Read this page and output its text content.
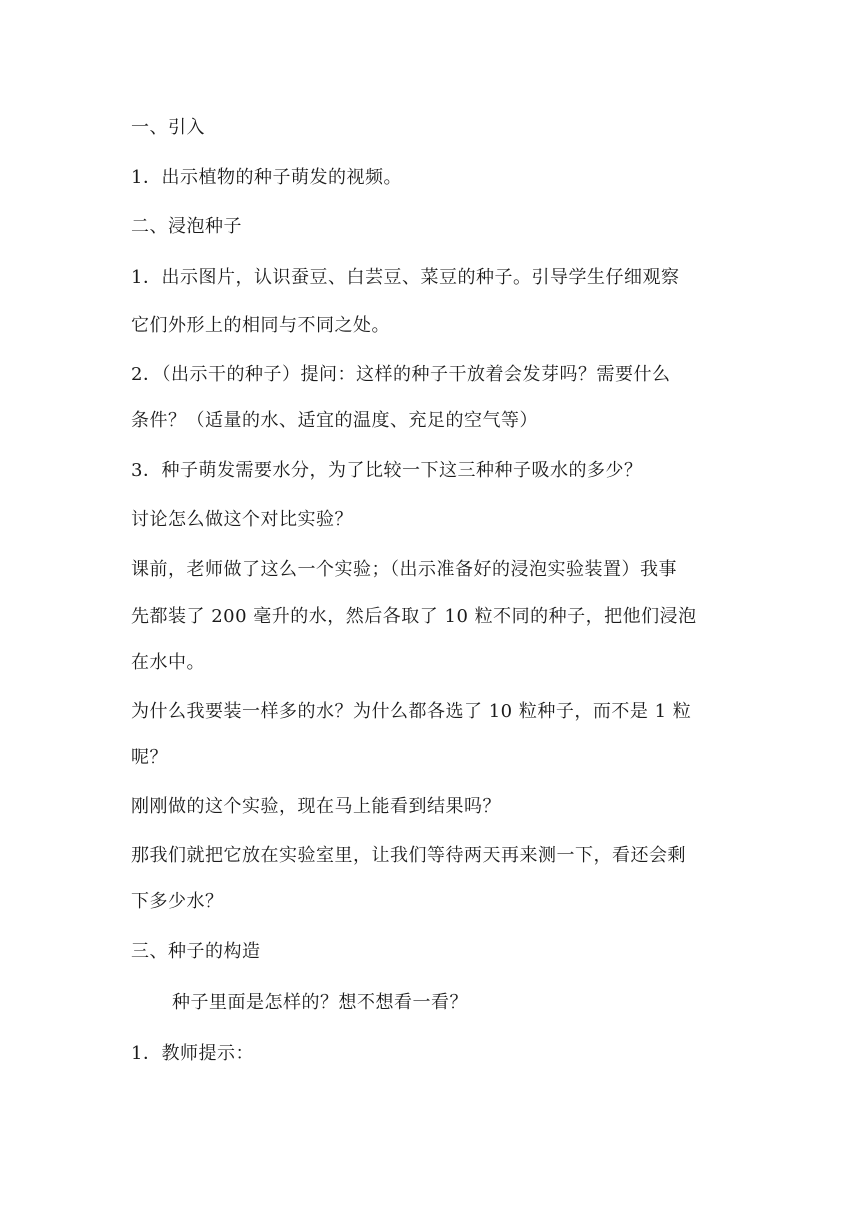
一、引入
1．出示植物的种子萌发的视频。
二、浸泡种子
1．出示图片，认识蚕豆、白芸豆、菜豆的种子。引导学生仔细观察
它们外形上的相同与不同之处。
2．（出示干的种子）提问：这样的种子干放着会发芽吗？需要什么
条件？（适量的水、适宜的温度、充足的空气等）
3．种子萌发需要水分，为了比较一下这三种种子吸水的多少？
讨论怎么做这个对比实验？
课前，老师做了这么一个实验；（出示准备好的浸泡实验装置）我事
先都装了 200 毫升的水，然后各取了 10 粒不同的种子，把他们浸泡
在水中。
为什么我要装一样多的水？为什么都各选了 10 粒种子，而不是 1 粒
呢？
刚刚做的这个实验，现在马上能看到结果吗？
那我们就把它放在实验室里，让我们等待两天再来测一下，看还会剩
下多少水？
三、种子的构造
种子里面是怎样的？想不想看一看？
1．教师提示：
